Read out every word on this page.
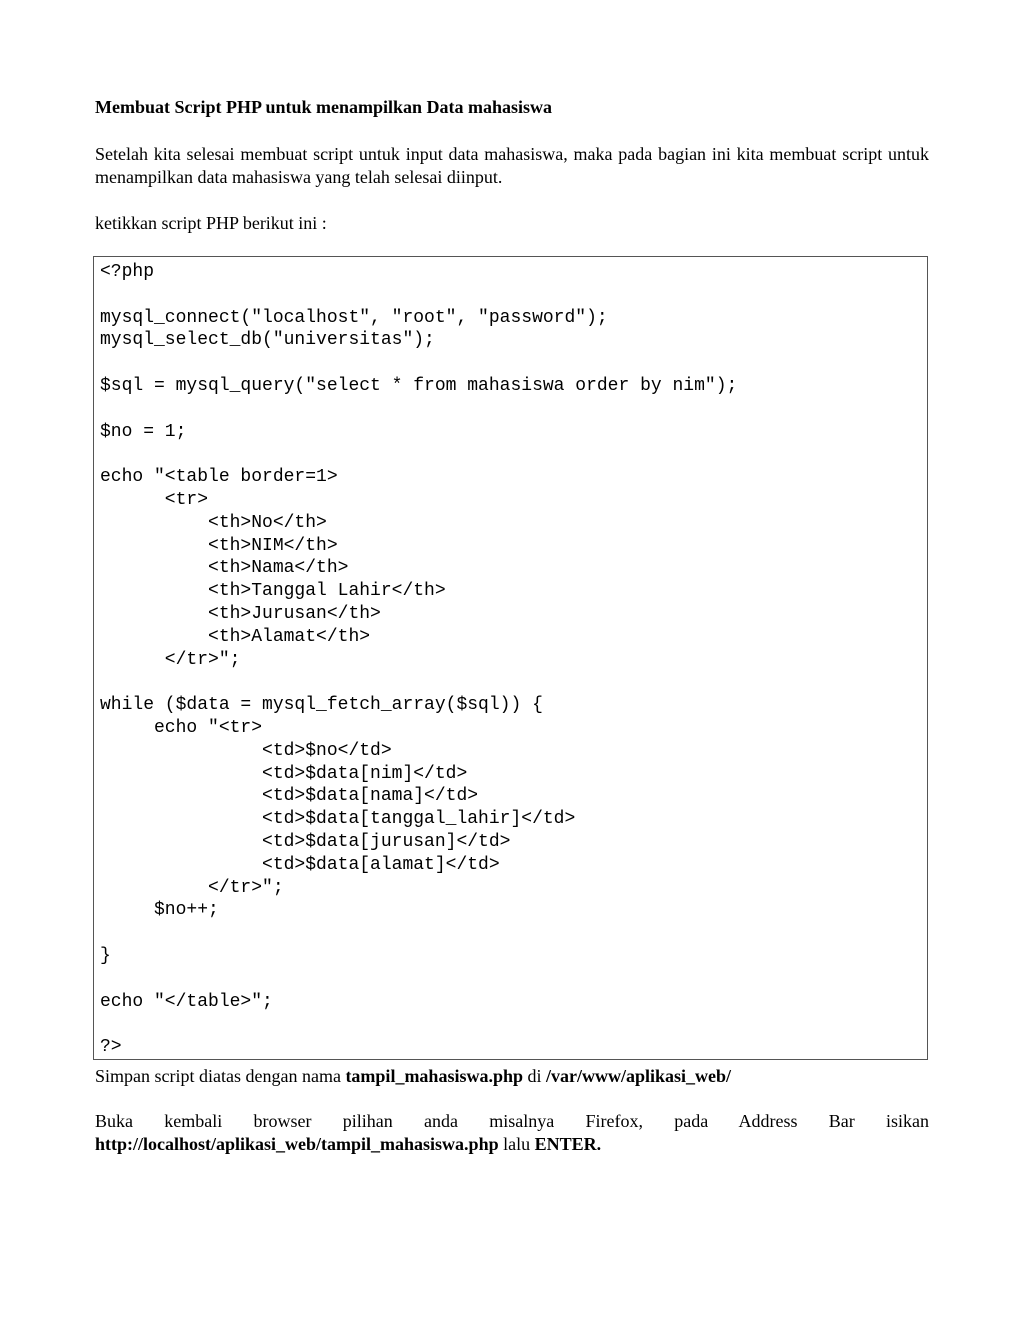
Membuat Script PHP untuk menampilkan Data mahasiswa

Setelah kita selesai membuat script untuk input data mahasiswa, maka pada bagian ini kita membuat script untuk menampilkan data mahasiswa yang telah selesai diinput.

ketikkan script PHP berikut ini :

<?php

mysql_connect("localhost", "root", "password");
mysql_select_db("universitas");

$sql = mysql_query("select * from mahasiswa order by nim");

$no = 1;

echo "<table border=1>
<tr>
<th>No</th>
<th>NIM</th>
<th>Nama</th>
<th>Tanggal Lahir</th>
<th>Jurusan</th>
<th>Alamat</th>
</tr>";

while ($data = mysql_fetch_array($sql)) {
echo "<tr>
<td>$no</td>
<td>$data[nim]</td>
<td>$data[nama]</td>
<td>$data[tanggal_lahir]</td>
<td>$data[jurusan]</td>
<td>$data[alamat]</td>
</tr>";
$no++;

}

echo "</table>";

?>

Simpan script diatas dengan nama tampil_mahasiswa.php di /var/www/aplikasi_web/

Buka kembali browser pilihan anda misalnya Firefox, pada Address Bar isikan

http://localhost/aplikasi_web/tampil_mahasiswa.php lalu ENTER.
